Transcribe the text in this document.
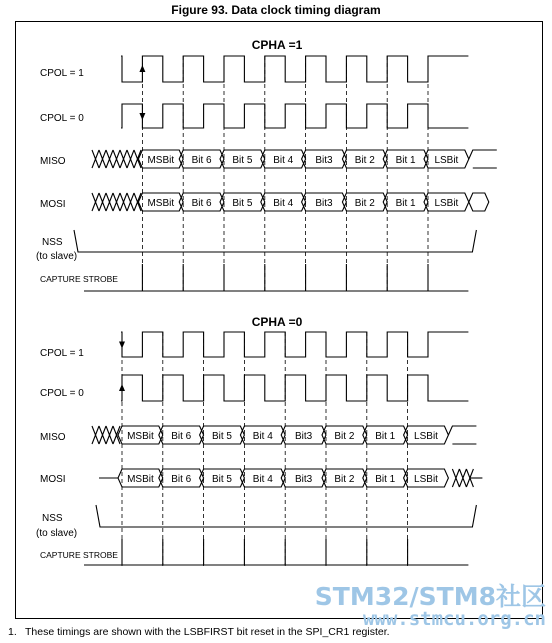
Figure 93. Data clock timing diagram
CPHA =1
CPOL = 1
CPOL = 0
MISO
MOSI
NSS
(to slave)
CAPTURE STROBE
MSBit Bit 6 Bit 5 Bit 4 Bit3 Bit 2 Bit 1 LSBit
MSBit Bit 6 Bit 5 Bit 4 Bit3 Bit 2 Bit 1 LSBit
CPHA =0
CPOL = 1
CPOL = 0
MISO
MOSI
NSS
(to slave)
CAPTURE STROBE
MSBit Bit 6 Bit 5 Bit 4 Bit3 Bit 2 Bit 1 LSBit
MSBit Bit 6 Bit 5 Bit 4 Bit3 Bit 2 Bit 1 LSBit
STM32/STM8社区
www.stmcu.org.cn
1. These timings are shown with the LSBFIRST bit reset in the SPI_CR1 register.
